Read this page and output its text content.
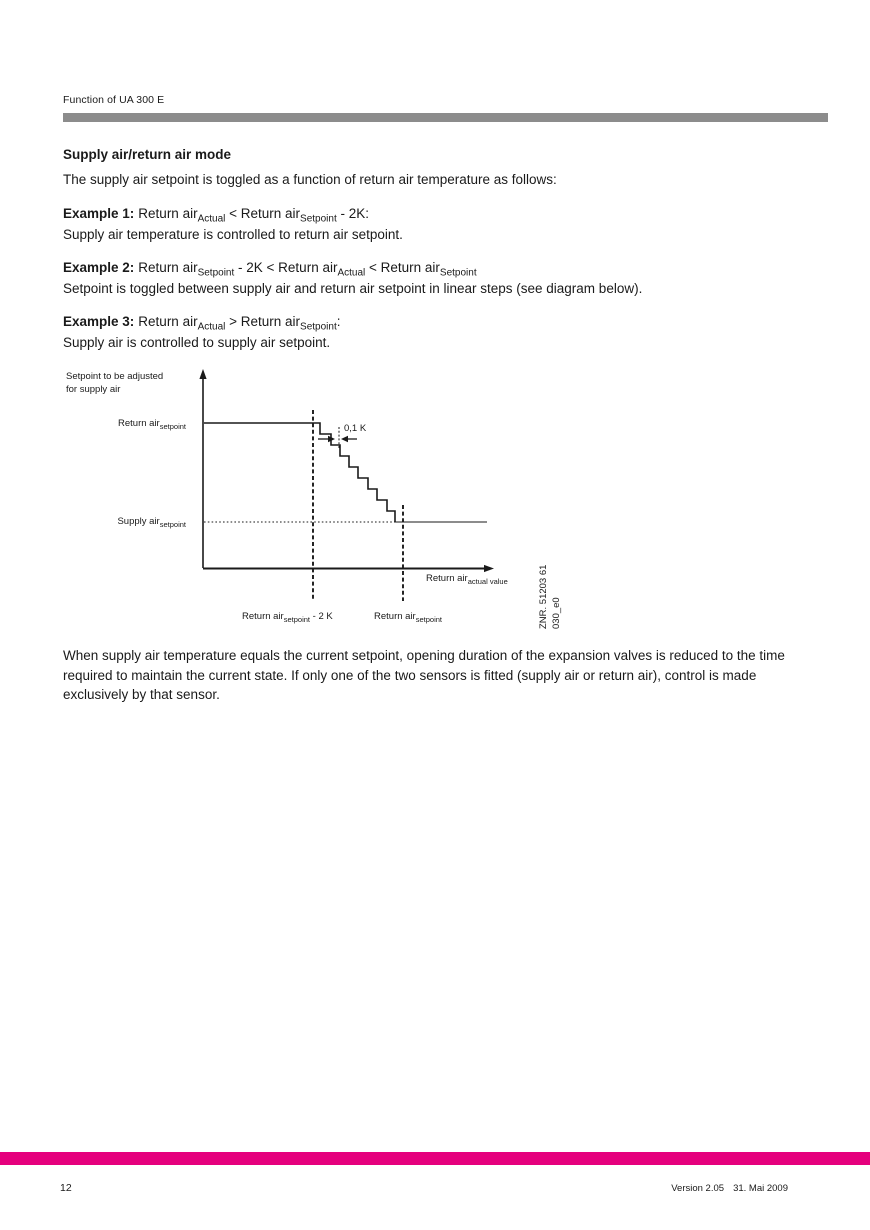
Function of UA 300 E
Supply air/return air mode
The supply air setpoint is toggled as a function of return air temperature as follows:
Example 1: Return air$_{Actual}$ < Return air$_{Setpoint}$ - 2K:
Supply air temperature is controlled to return air setpoint.
Example 2: Return air$_{Setpoint}$ - 2K < Return air$_{Actual}$ < Return air$_{Setpoint}$
Setpoint is toggled between supply air and return air setpoint in linear steps (see diagram below).
Example 3: Return air$_{Actual}$ > Return air$_{Setpoint}$:
Supply air is controlled to supply air setpoint.
Setpoint to be adjusted
for supply air
Return air$_{setpoint}$
Supply air$_{setpoint}$
0,1 K
Return air$_{actual value}$
Return air$_{setpoint}$ - 2 K	Return air$_{setpoint}$	ZNR. 51203 61 030_e0
When supply air temperature equals the current setpoint, opening duration of the expansion valves is reduced to the time required to maintain the current state. If only one of the two sensors is fitted (supply air or return air), control is made exclusively by that sensor.
12	Version 2.05 31. Mai 2009
